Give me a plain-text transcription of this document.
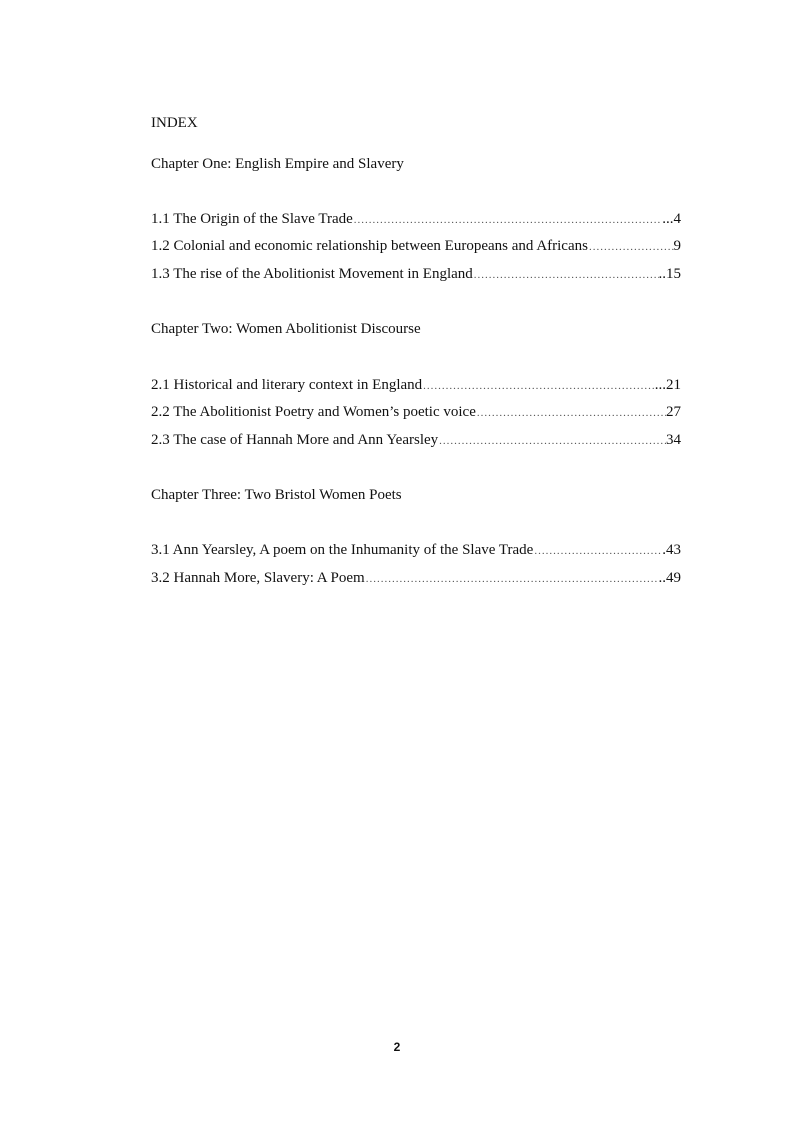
INDEX
Chapter One: English Empire and Slavery
1.1 The Origin of the Slave Trade .....	...4
1.2 Colonial and economic relationship between Europeans and Africans .....	9
1.3 The rise of the Abolitionist Movement in England .....	..15
Chapter Two: Women Abolitionist Discourse
2.1 Historical and literary context in England .....	...21
2.2 The Abolitionist Poetry and Women’s poetic voice .....	27
2.3 The case of Hannah More and Ann Yearsley .....	34
Chapter Three: Two Bristol Women Poets
3.1 Ann Yearsley, A poem on the Inhumanity of the Slave Trade .....	.43
3.2 Hannah More, Slavery: A Poem .....	..49
2
